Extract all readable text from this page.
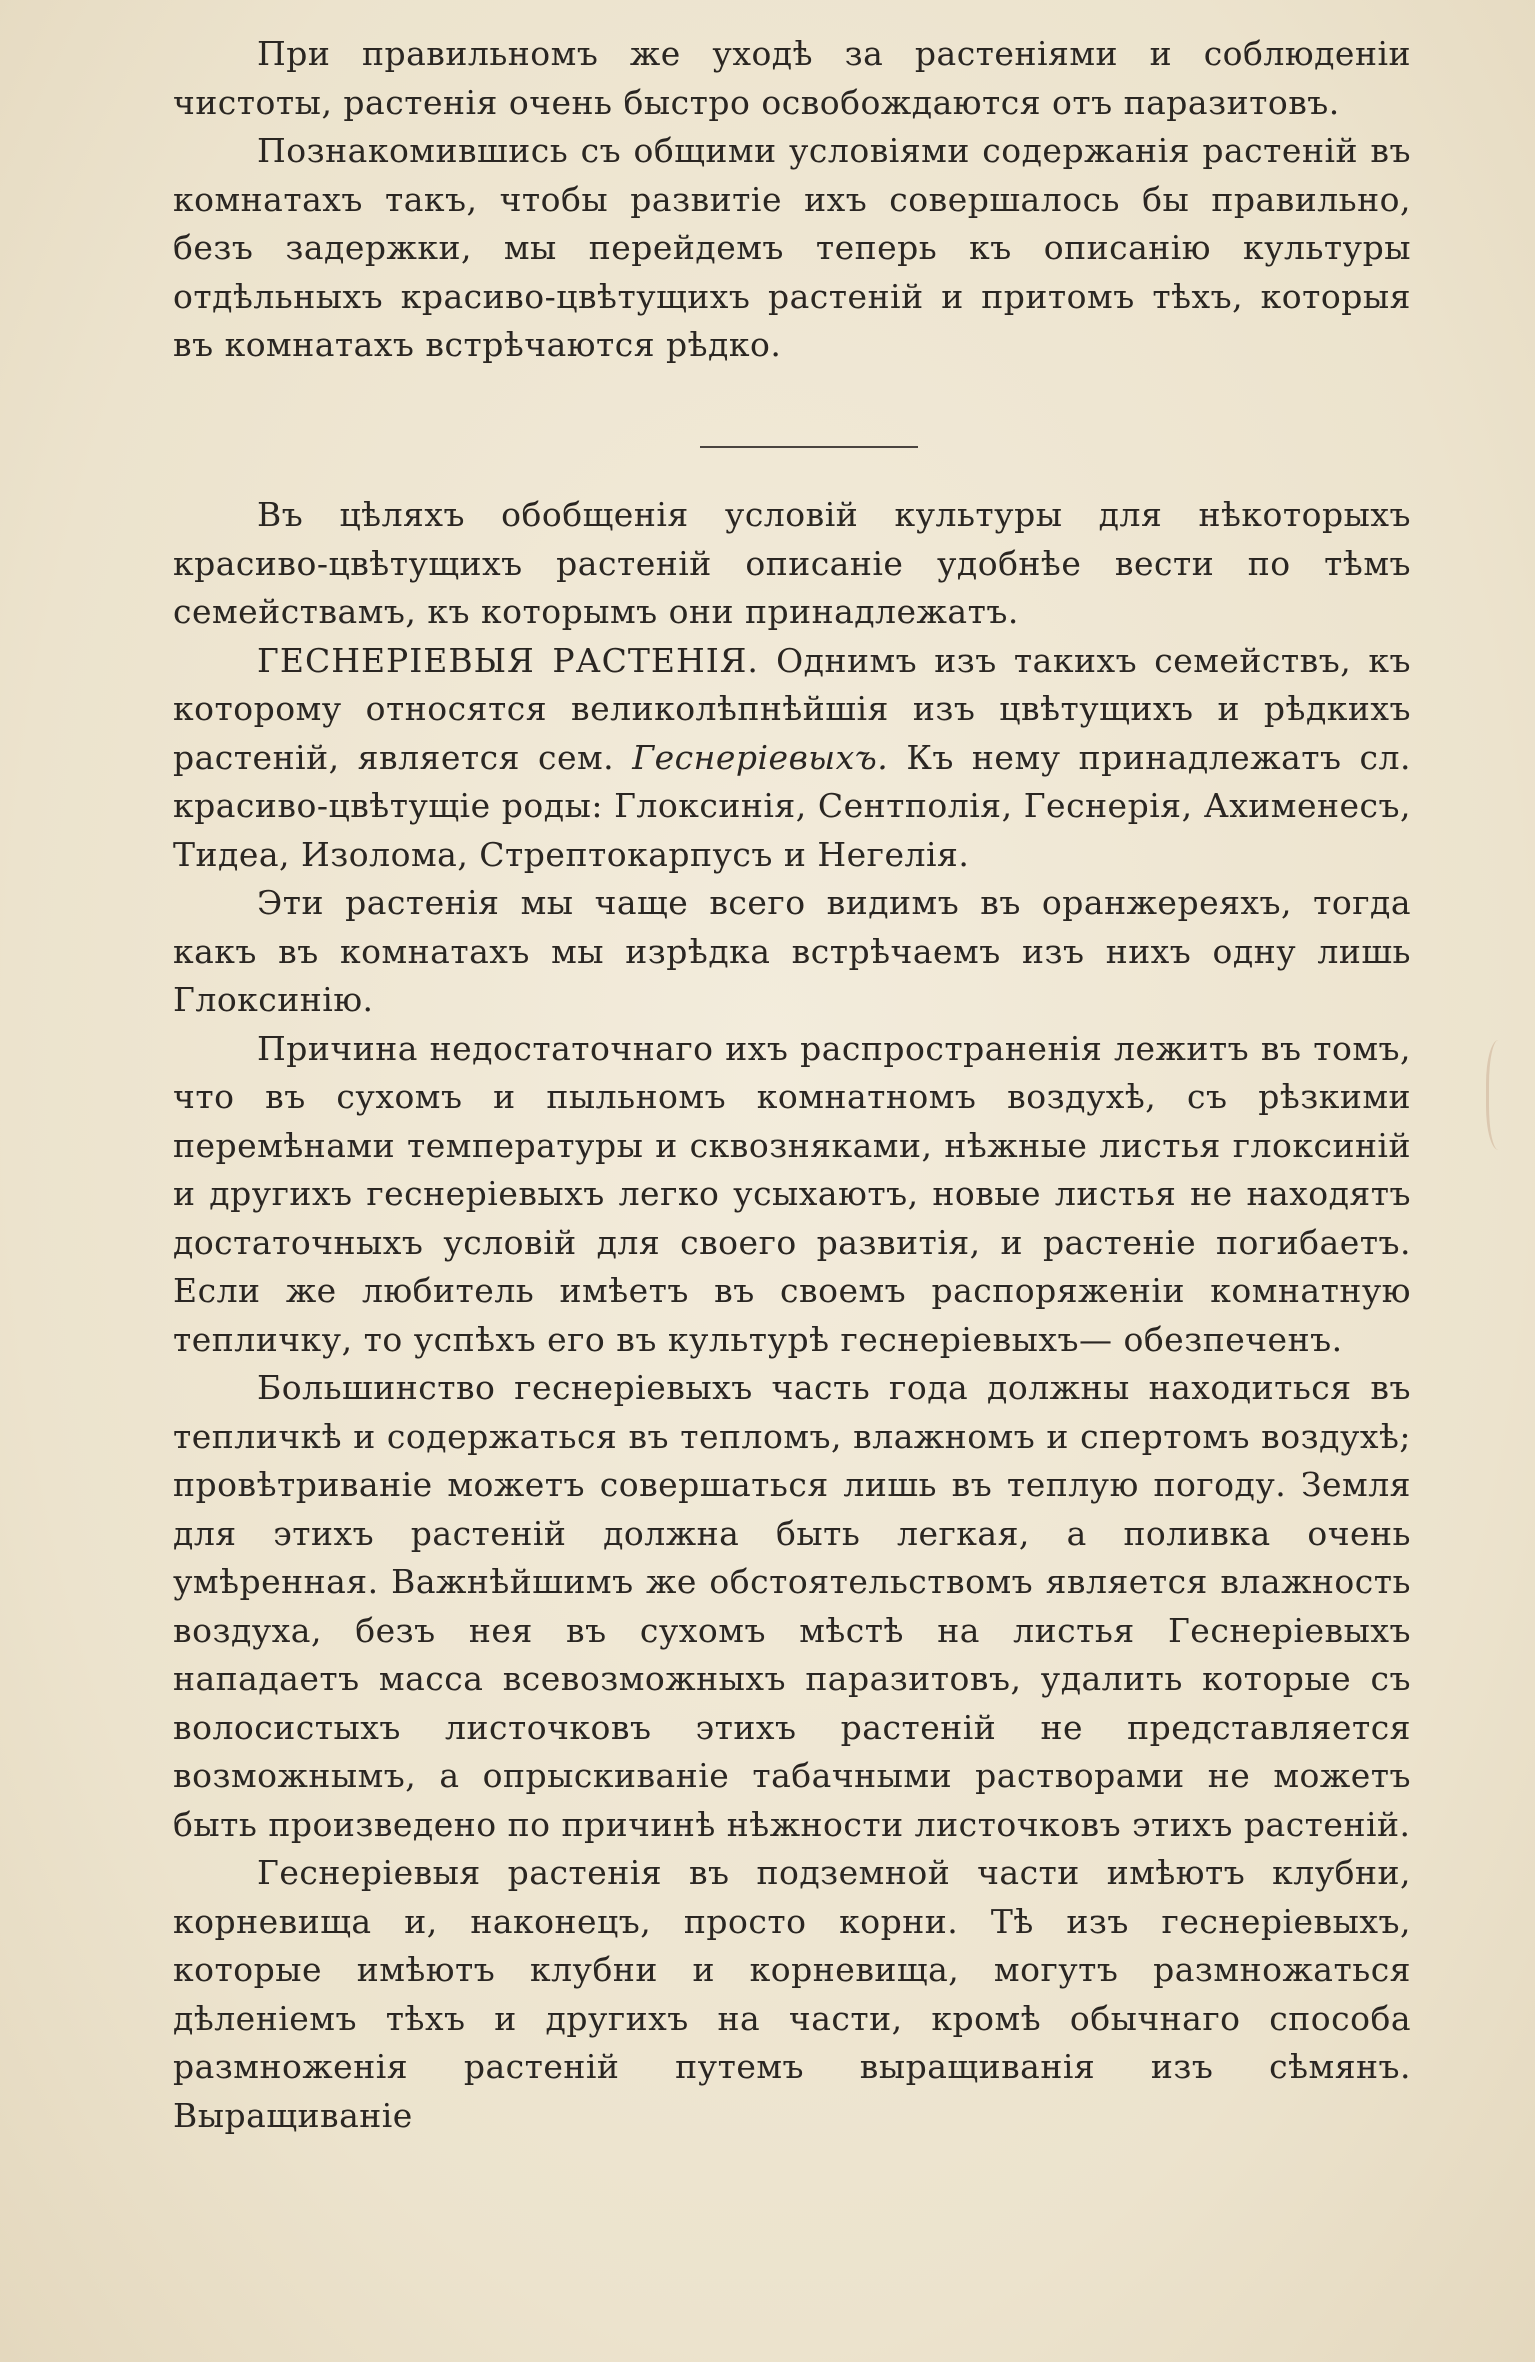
При правильномъ же уходѣ за растеніями и соблюденіи чистоты, растенія очень быстро освобождаются отъ паразитовъ.

Познакомившись съ общими условіями содержанія растеній въ комнатахъ такъ, чтобы развитіе ихъ совершалось бы правильно, безъ задержки, мы перейдемъ теперь къ описанію культуры отдѣльныхъ красиво-цвѣтущихъ растеній и притомъ тѣхъ, которыя въ комнатахъ встрѣчаются рѣдко.

Въ цѣляхъ обобщенія условій культуры для нѣкоторыхъ красиво-цвѣтущихъ растеній описаніе удобнѣе вести по тѣмъ семействамъ, къ которымъ они принадлежатъ.

ГЕСНЕРІЕВЫЯ РАСТЕНІЯ. Однимъ изъ такихъ семействъ, къ которому относятся великолѣпнѣйшія изъ цвѣтущихъ и рѣдкихъ растеній, является сем. Геснеріевыхъ. Къ нему принадлежатъ сл. красиво-цвѣтущіе роды: Глоксинія, Сентполія, Геснерія, Ахименесъ, Тидеа, Изолома, Стрептокарпусъ и Негелія.

Эти растенія мы чаще всего видимъ въ оранжереяхъ, тогда какъ въ комнатахъ мы изрѣдка встрѣчаемъ изъ нихъ одну лишь Глоксинію.

Причина недостаточнаго ихъ распространенія лежитъ въ томъ, что въ сухомъ и пыльномъ комнатномъ воздухѣ, съ рѣзкими перемѣнами температуры и сквозняками, нѣжные листья глоксиній и другихъ геснеріевыхъ легко усыхаютъ, новые листья не находятъ достаточныхъ условій для своего развитія, и растеніе погибаетъ. Если же любитель имѣетъ въ своемъ распоряженіи комнатную тепличку, то успѣхъ его въ культурѣ геснеріевыхъ— обезпеченъ.

Большинство геснеріевыхъ часть года должны находиться въ тепличкѣ и содержаться въ тепломъ, влажномъ и спертомъ воздухѣ; провѣтриваніе можетъ совершаться лишь въ теплую погоду. Земля для этихъ растеній должна быть легкая, а поливка очень умѣренная. Важнѣйшимъ же обстоятельствомъ является влажность воздуха, безъ нея въ сухомъ мѣстѣ на листья Геснеріевыхъ нападаетъ масса всевозможныхъ паразитовъ, удалить которые съ волосистыхъ листочковъ этихъ растеній не представляется возможнымъ, а опрыскиваніе табачными растворами не можетъ быть произведено по причинѣ нѣжности листочковъ этихъ растеній.

Геснеріевыя растенія въ подземной части имѣютъ клубни, корневища и, наконецъ, просто корни. Тѣ изъ геснеріевыхъ, которые имѣютъ клубни и корневища, могутъ размножаться дѣленіемъ тѣхъ и другихъ на части, кромѣ обычнаго способа размноженія растеній путемъ выращиванія изъ сѣмянъ. Выращиваніе
